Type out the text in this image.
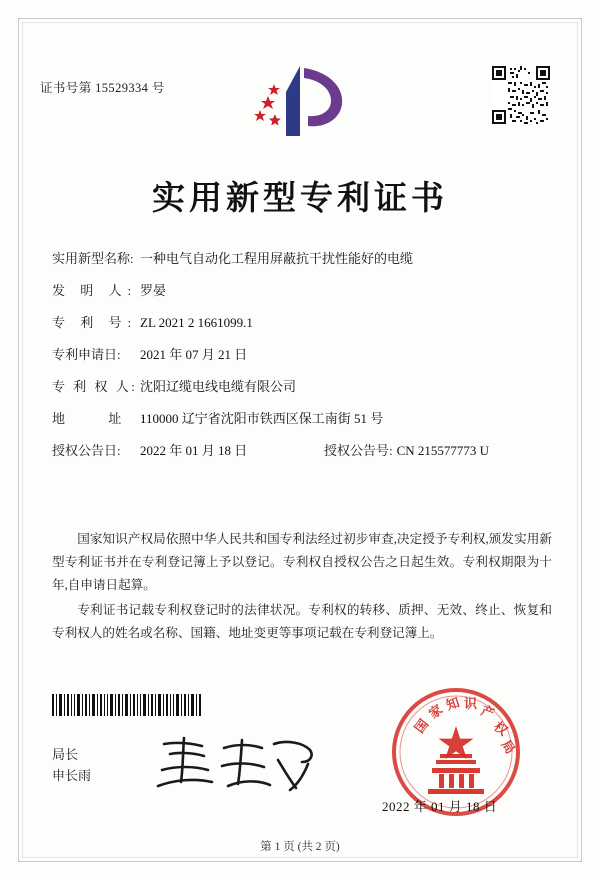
证书号第 15529334 号
实用新型专利证书
实用新型名称: 一种电气自动化工程用屏蔽抗干扰性能好的电缆
发 明 人: 罗晏
专 利 号: ZL 2021 2 1661099.1
专利申请日: 2021 年 07 月 21 日
专 利 权 人: 沈阳辽缆电线电缆有限公司
地 址:110000 辽宁省沈阳市铁西区保工南街 51 号
授权公告日: 2022 年 01 月 18 日	授权公告号: CN 215577773 U

国家知识产权局依照中华人民共和国专利法经过初步审查,决定授予专利权,颁发实用新型专利证书并在专利登记簿上予以登记。专利权自授权公告之日起生效。专利权期限为十年,自申请日起算。

专利证书记载专利权登记时的法律状况。专利权的转移、质押、无效、终止、恢复和专利权人的姓名或名称、国籍、地址变更等事项记载在专利登记簿上。

局长
申长雨
国
家
知 识 产
权
局
2022 年 01 月 18 日
第 1 页 (共 2 页)
